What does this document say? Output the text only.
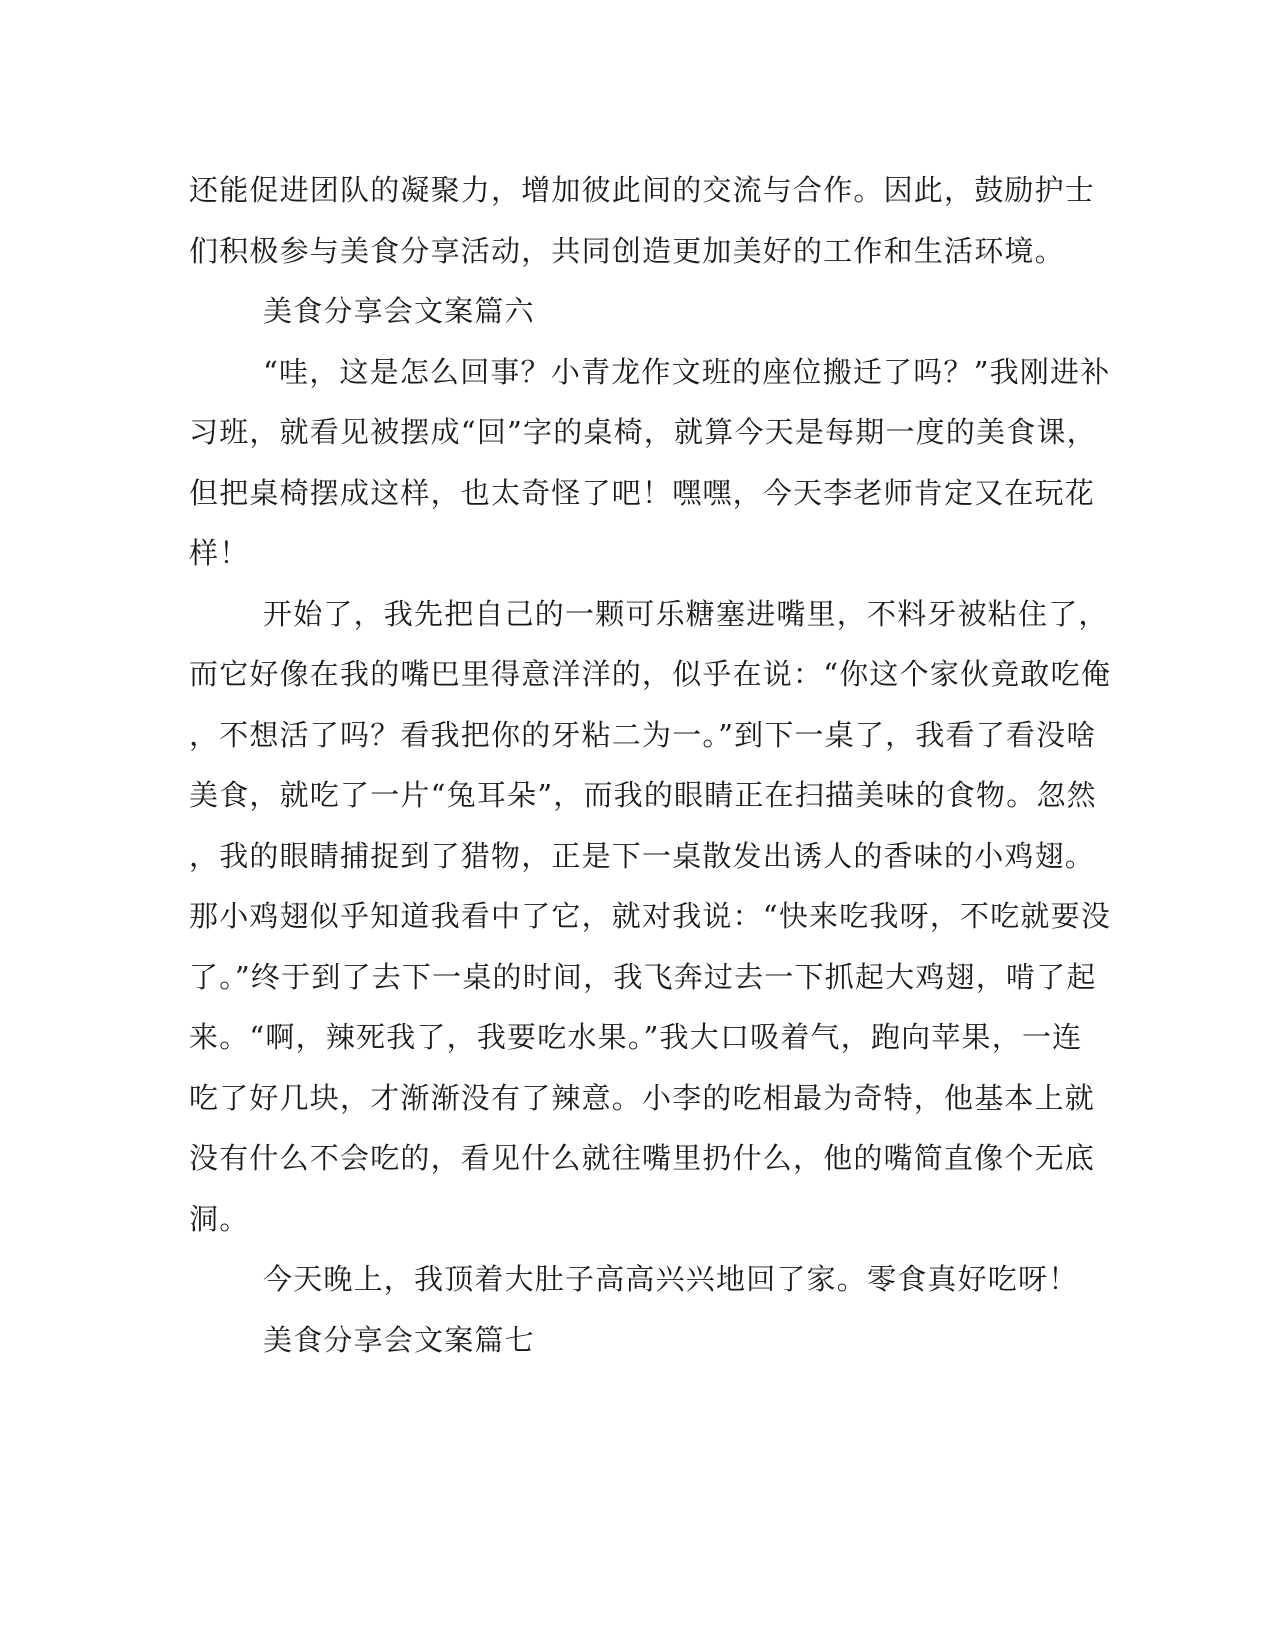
还能促进团队的凝聚力，增加彼此间的交流与合作。因此，鼓励护士
们积极参与美食分享活动，共同创造更加美好的工作和生活环境。
美食分享会文案篇六
“哇，这是怎么回事？小青龙作文班的座位搬迁了吗？”我刚进补
习班，就看见被摆成“回”字的桌椅，就算今天是每期一度的美食课，
但把桌椅摆成这样，也太奇怪了吧！嘿嘿，今天李老师肯定又在玩花
样！
开始了，我先把自己的一颗可乐糖塞进嘴里，不料牙被粘住了，
而它好像在我的嘴巴里得意洋洋的，似乎在说：“你这个家伙竟敢吃俺
，不想活了吗？看我把你的牙粘二为一。”到下一桌了，我看了看没啥
美食，就吃了一片“兔耳朵”，而我的眼睛正在扫描美味的食物。忽然
，我的眼睛捕捉到了猎物，正是下一桌散发出诱人的香味的小鸡翅。
那小鸡翅似乎知道我看中了它，就对我说：“快来吃我呀，不吃就要没
了。”终于到了去下一桌的时间，我飞奔过去一下抓起大鸡翅，啃了起
来。“啊，辣死我了，我要吃水果。”我大口吸着气，跑向苹果，一连
吃了好几块，才渐渐没有了辣意。小李的吃相最为奇特，他基本上就
没有什么不会吃的，看见什么就往嘴里扔什么，他的嘴简直像个无底
洞。
今天晚上，我顶着大肚子高高兴兴地回了家。零食真好吃呀！
美食分享会文案篇七
